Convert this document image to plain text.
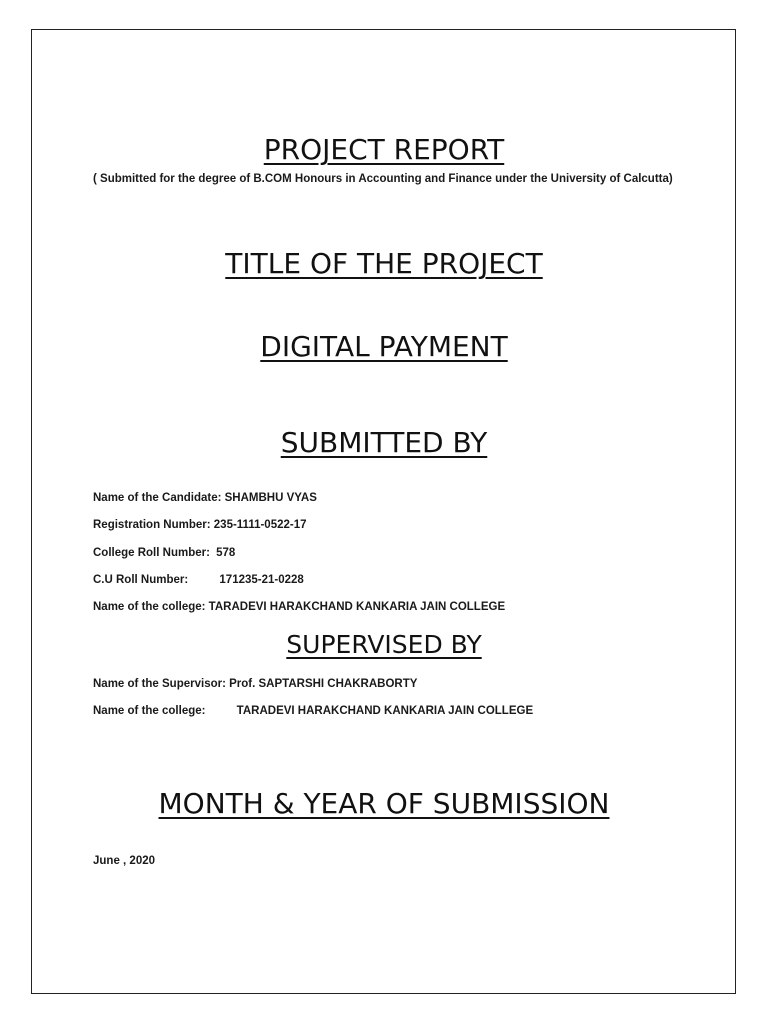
PROJECT REPORT
( Submitted for the degree of B.COM Honours in Accounting and Finance under the University of Calcutta)
TITLE OF THE PROJECT
DIGITAL PAYMENT
SUBMITTED BY
Name of the Candidate: SHAMBHU VYAS
Registration Number: 235-1111-0522-17
College Roll Number: 578
C.U Roll Number:	171235-21-0228
Name of the college: TARADEVI HARAKCHAND KANKARIA JAIN COLLEGE
SUPERVISED BY
Name of the Supervisor: Prof. SAPTARSHI CHAKRABORTY
Name of the college:	TARADEVI HARAKCHAND KANKARIA JAIN COLLEGE
MONTH & YEAR OF SUBMISSION
June , 2020
